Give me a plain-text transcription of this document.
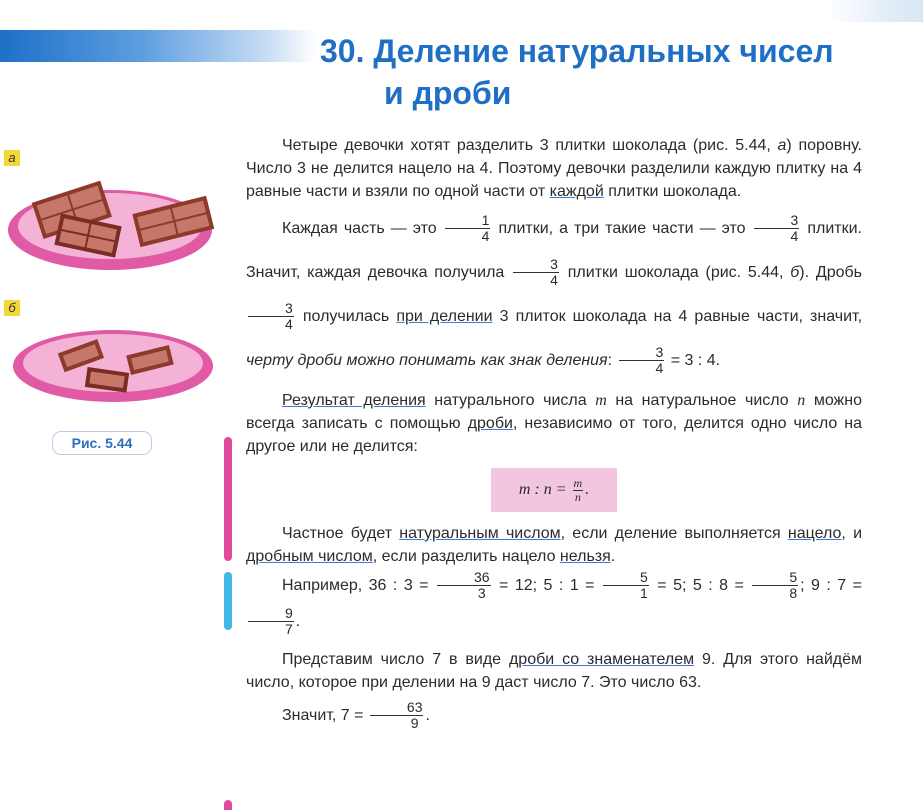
30. Деление натуральных чисел
и дроби
а
б
Рис. 5.44

Четыре девочки хотят разделить 3 плитки шоколада (рис. 5.44, а) поровну. Число 3 не делится нацело на 4. Поэтому девочки разделили каждую плитку на 4 равные части и взяли по одной части от каждой плитки шоколада.

Каждая часть — это $\frac{1}{4}$ плитки, а три такие части — это $\frac{3}{4}$ плитки. Значит, каждая девочка получила $\frac{3}{4}$ плитки шоколада (рис. 5.44, б). Дробь
$\frac{3}{4}$ получилась при делении 3 плиток шоколада на 4 равные части, значит, черту дроби можно понимать как знак деления: $\frac{3}{4} = 3$ : 4.

Результат деления натурального числа m на натуральное число n можно всегда записать с помощью дроби, независимо от того, делится одно число на другое или не делится:

m : $n = \frac{m}{n}$ .

Частное будет натуральным числом, если деление выполняется нацело, и дробным числом, если разделить нацело нельзя.

Например, 36 : $3 = \frac{36}{3} = 12$; 5 : $1 = \frac{5}{1} = 5$; 5 : $8 = \frac{5}{8}$ ; 9 : 7 =
$\frac{9}{7}$ .

Представим число 7 в виде дроби со знаменателем 9. Для этого найдём число, которое при делении на 9 даст число 7. Это число 63.

Значит, $7 = \frac{63}{9}$ .
